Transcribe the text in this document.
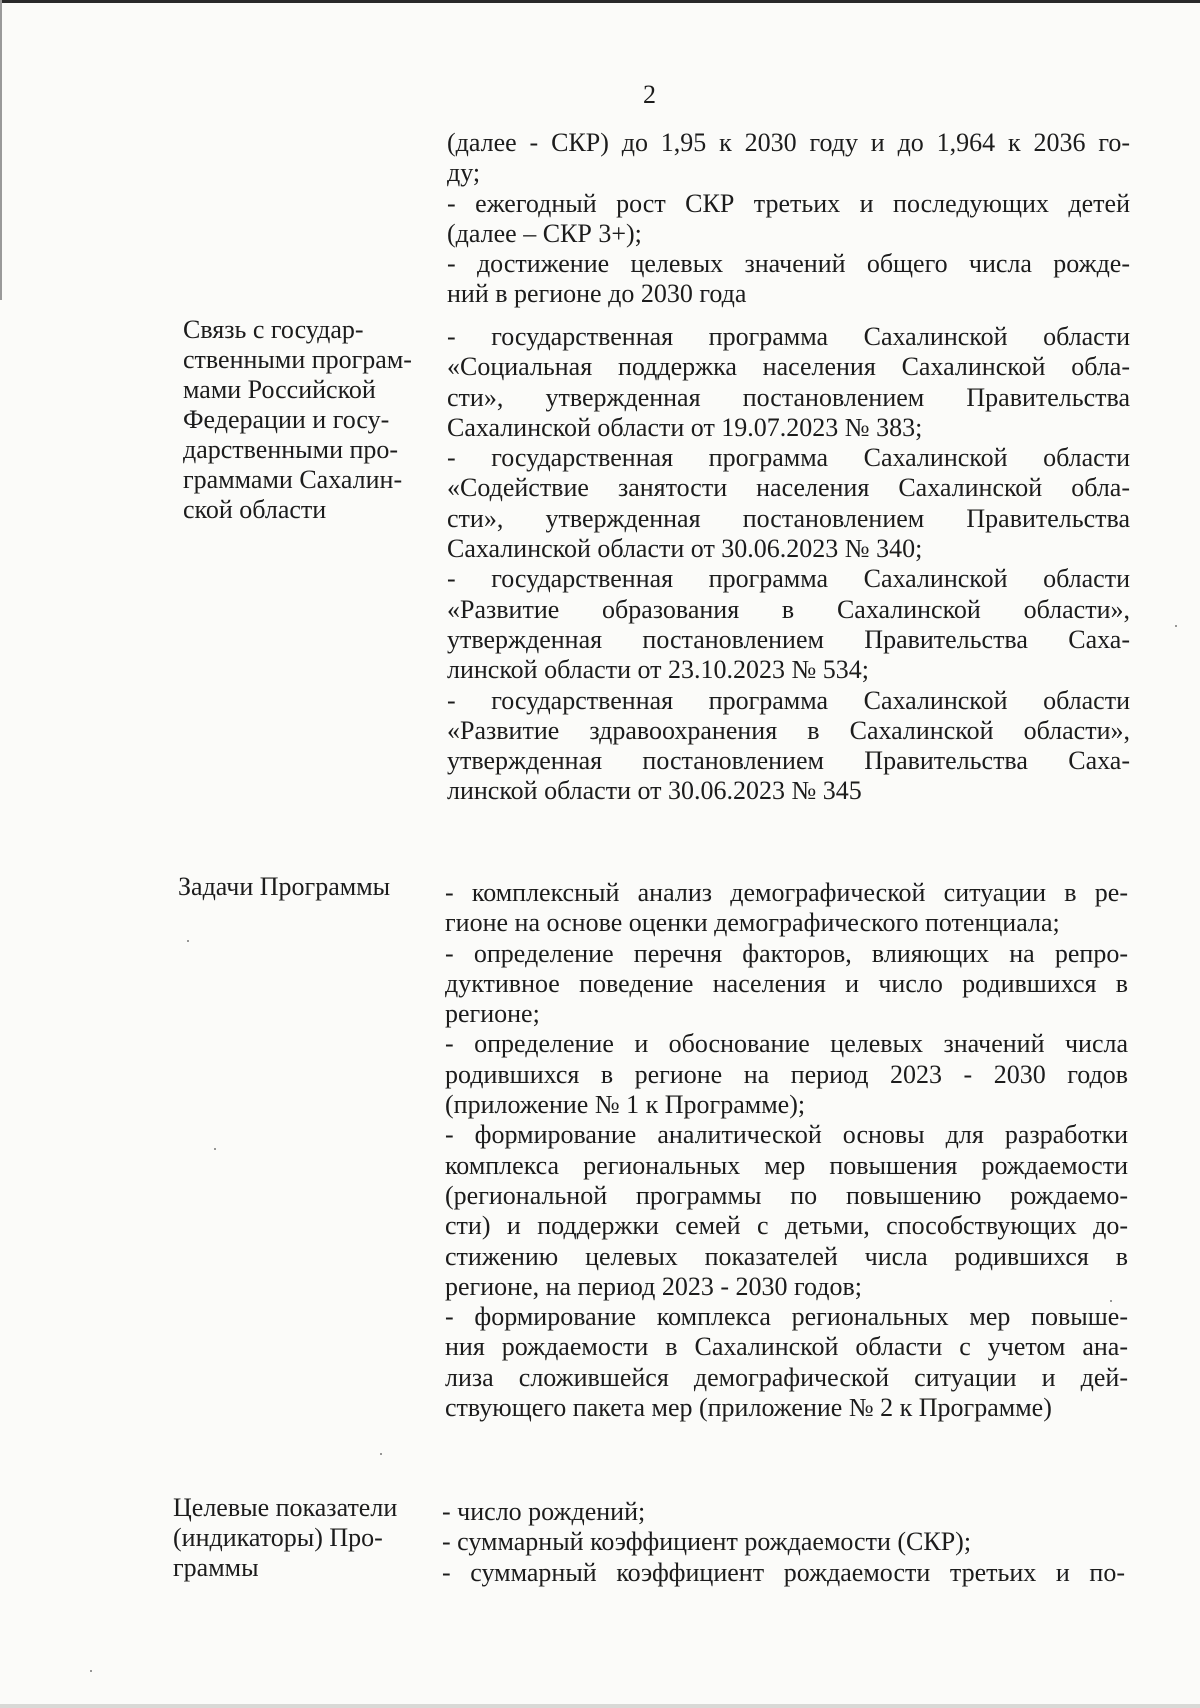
2
(далее - СКР) до 1,95 к 2030 году и до 1,964 к 2036 го-
ду;
- ежегодный рост СКР третьих и последующих детей
(далее – СКР 3+);
- достижение целевых значений общего числа рожде-
ний в регионе до 2030 года
Связь с государ-
ственными програм-
мами Российской
Федерации и госу-
дарственными про-
граммами Сахалин-
ской области
- государственная программа Сахалинской области
«Социальная поддержка населения Сахалинской обла-
сти», утвержденная постановлением Правительства
Сахалинской области от 19.07.2023 № 383;
- государственная программа Сахалинской области
«Содействие занятости населения Сахалинской обла-
сти», утвержденная постановлением Правительства
Сахалинской области от 30.06.2023 № 340;
- государственная программа Сахалинской области
«Развитие образования в Сахалинской области»,
утвержденная постановлением Правительства Саха-
линской области от 23.10.2023 № 534;
- государственная программа Сахалинской области
«Развитие здравоохранения в Сахалинской области»,
утвержденная постановлением Правительства Саха-
линской области от 30.06.2023 № 345
Задачи Программы - комплексный анализ демографической ситуации в ре-
гионе на основе оценки демографического потенциала;
- определение перечня факторов, влияющих на репро-
дуктивное поведение населения и число родившихся в
регионе;
- определение и обоснование целевых значений числа
родившихся в регионе на период 2023 - 2030 годов
(приложение № 1 к Программе);
- формирование аналитической основы для разработки
комплекса региональных мер повышения рождаемости
(региональной программы по повышению рождаемо-
сти) и поддержки семей с детьми, способствующих до-
стижению целевых показателей числа родившихся в
регионе, на период 2023 - 2030 годов;
- формирование комплекса региональных мер повыше-
ния рождаемости в Сахалинской области с учетом ана-
лиза сложившейся демографической ситуации и дей-
ствующего пакета мер (приложение № 2 к Программе)
Целевые показатели
(индикаторы) Про-
граммы
- число рождений;
- суммарный коэффициент рождаемости (СКР);
- суммарный коэффициент рождаемости третьих и по-
